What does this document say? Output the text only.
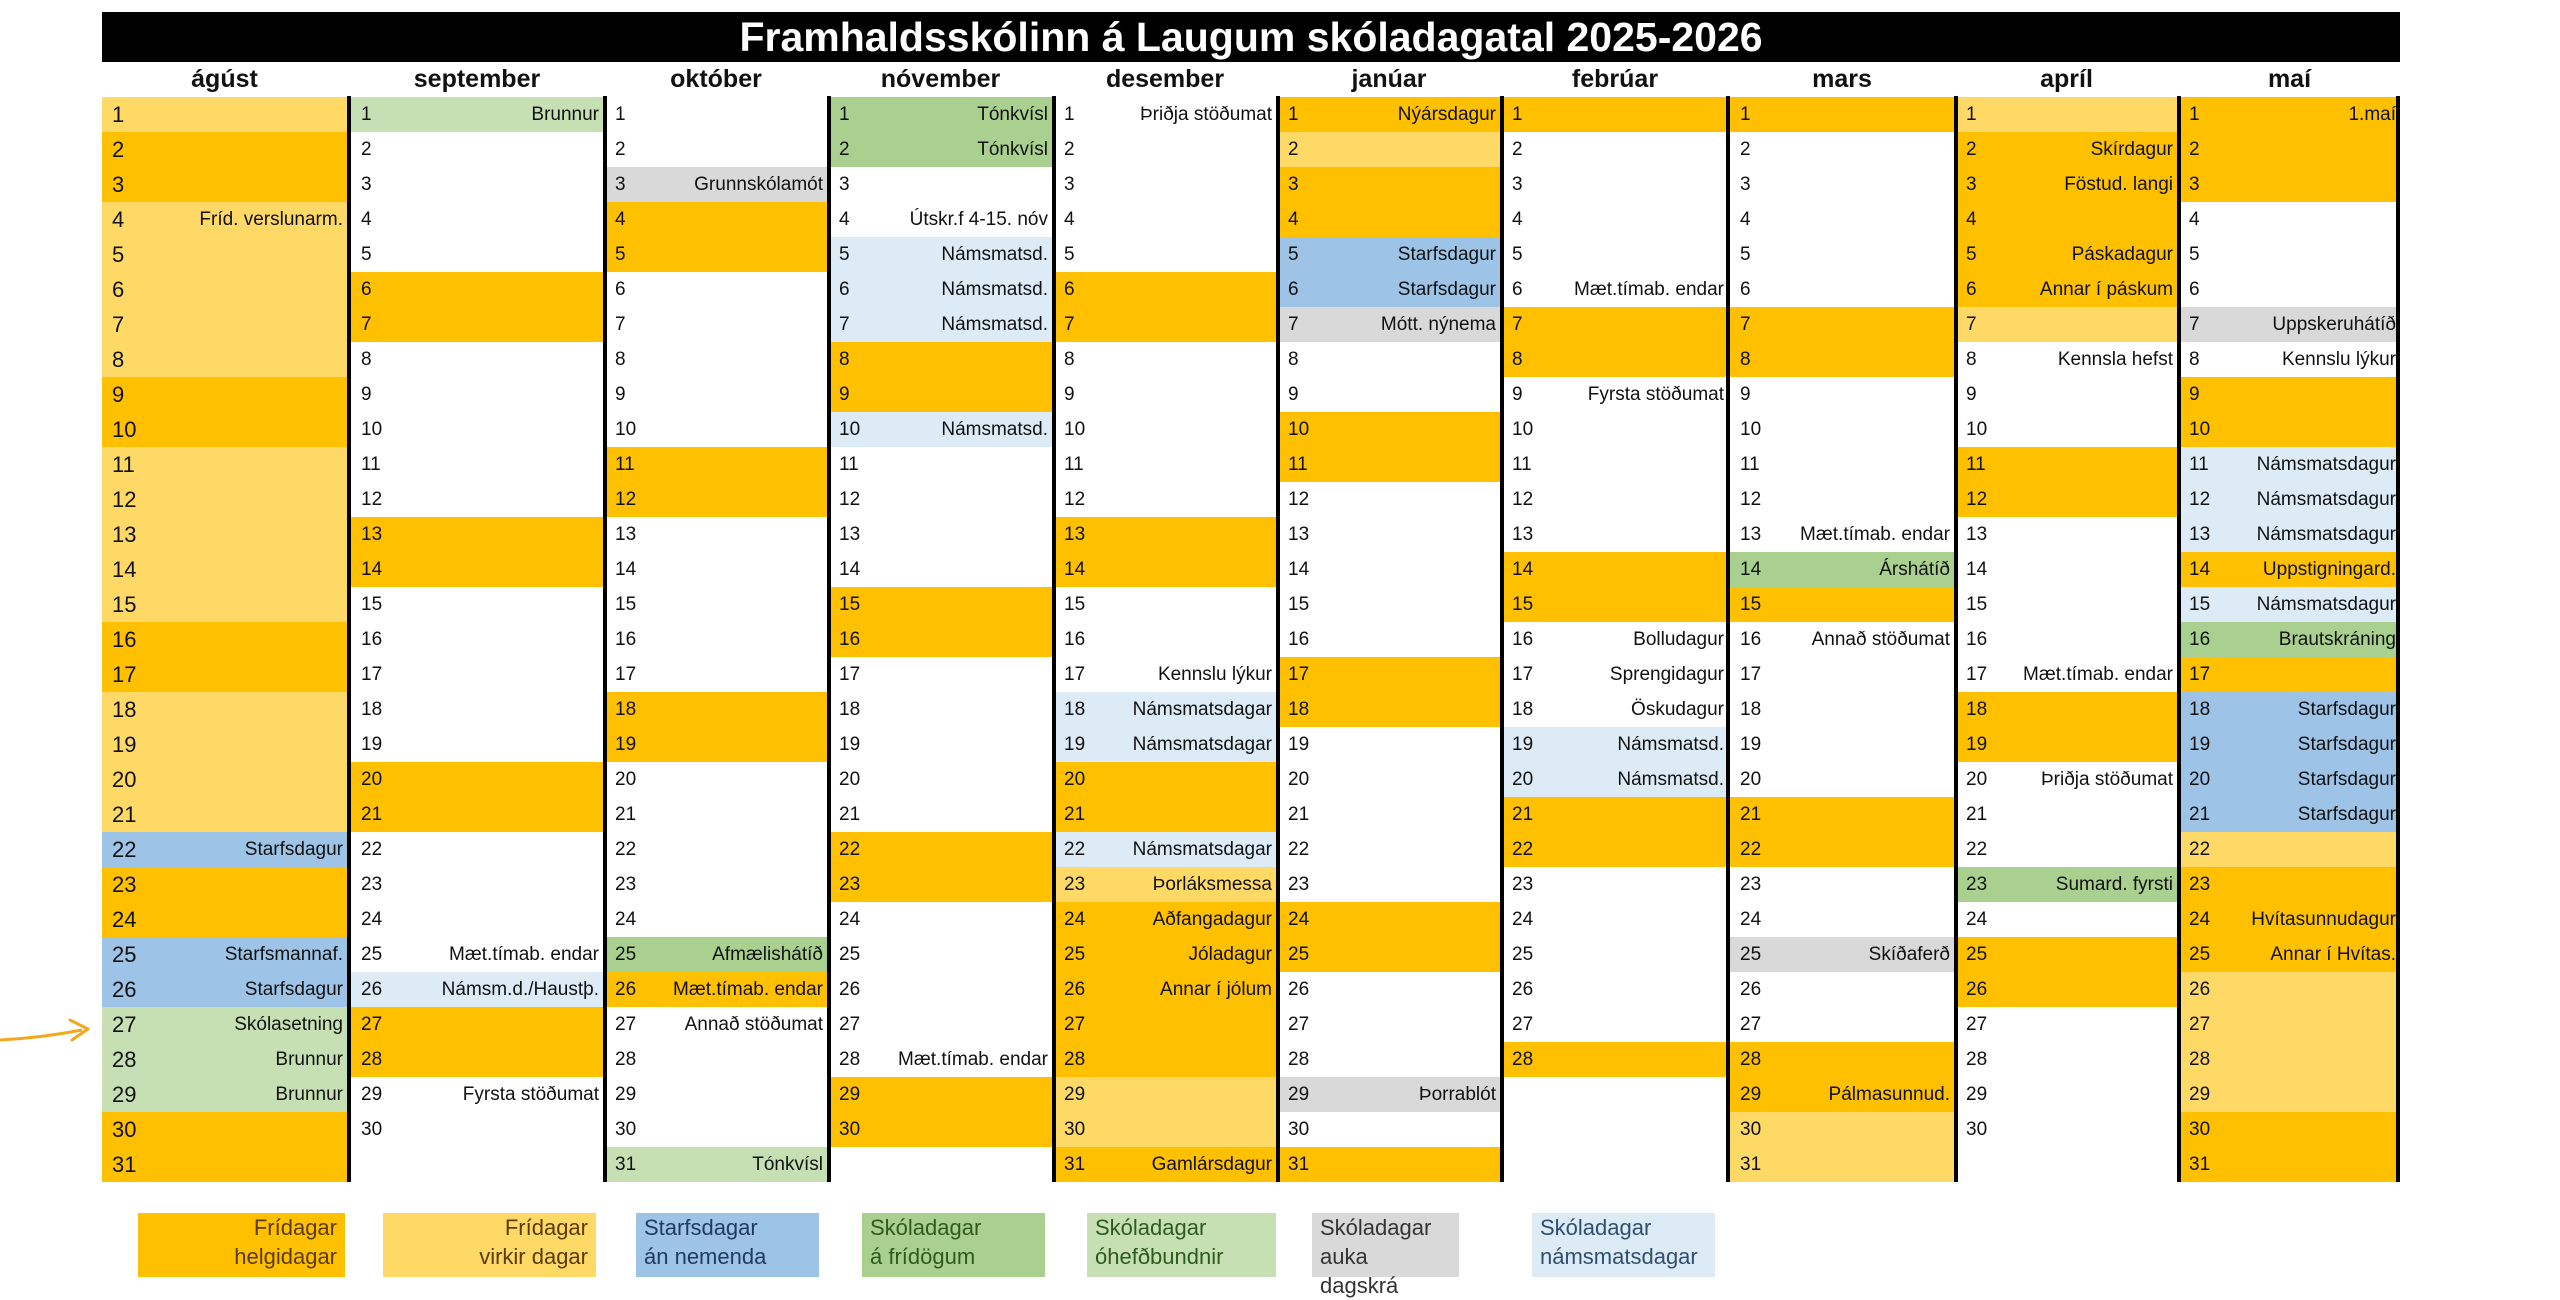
Framhaldsskólinn á Laugum skóladagatal 2025-2026
ágúst
1
2
3
4	Fríd. verslunarm.
5
6
7
8
9
10
11
12
13
14
15
16
17
18
19
20
21
22	Starfsdagur
23
24
25	Starfsmannaf.
26	Starfsdagur
27	Skólasetning
28	Brunnur
29	Brunnur
30
31
september
1	Brunnur
2
3
4
5
6
7
8
9
10
11
12
13
14
15
16
17
18
19
20
21
22
23
24
25	Mæt.tímab. endar
26	Námsm.d./Haustþ.
27
28
29	Fyrsta stöðumat
30
október
1
2
3	Grunnskólamót
4
5
6
7
8
9
10
11
12
13
14
15
16
17
18
19
20
21
22
23
24
25	Afmælishátíð
26 Mæt.tímab. endar
27	Annað stöðumat
28
29
30
31	Tónkvísl
nóvember
1	Tónkvísl
2	Tónkvísl
3
4	Útskr.f 4-15. nóv
5	Námsmatsd.
6	Námsmatsd.
7	Námsmatsd.
8
9
10	Námsmatsd.
11
12
13
14
15
16
17
18
19
20
21
22
23
24
25
26
27
28 Mæt.tímab. endar
29
30
desember
1	Þriðja stöðumat
2
3
4
5
6
7
8
9
10
11
12
13
14
15
16
17	Kennslu lýkur
18 Námsmatsdagar
19 Námsmatsdagar
20
21
22 Námsmatsdagar
23	Þorláksmessa
24	Aðfangadagur
25	Jóladagur
26	Annar í jólum
27
28
29
30
31	Gamlársdagur
janúar
1	Nýársdagur
2
3
4
5	Starfsdagur
6	Starfsdagur
7	Mótt. nýnema
8
9
10
11
12
13
14
15
16
17
18
19
20
21
22
23
24
25
26
27
28
29	Þorrablót
30
31
febrúar
1
2
3
4
5
6	Mæt.tímab. endar
7
8
9	Fyrsta stöðumat
10
11
12
13
14
15
16	Bolludagur
17	Sprengidagur
18	Öskudagur
19	Námsmatsd.
20	Námsmatsd.
21
22
23
24
25
26
27
28
mars
1
2
3
4
5
6
7
8
9
10
11
12
13 Mæt.tímab. endar
14	Árshátíð
15
16	Annað stöðumat
17
18
19
20
21
22
23
24
25	Skíðaferð
26
27
28
29	Pálmasunnud.
30
31
apríl
1
2	Skírdagur
3	Föstud. langi
4
5	Páskadagur
6	Annar í páskum
7
8	Kennsla hefst
9
10
11
12
13
14
15
16
17 Mæt.tímab. endar
18
19
20	Þriðja stöðumat
21
22
23	Sumard. fyrsti
24
25
26
27
28
29
30
maí
1	1.maí
2
3
4
5
6
7	Uppskeruhátíð
8	Kennslu lýkur
9
10
11	Námsmatsdagur
12 Námsmatsdagur
13 Námsmatsdagur
14	Uppstigningard.
15 Námsmatsdagur
16	Brautskráning
17
18	Starfsdagur
19	Starfsdagur
20	Starfsdagur
21	Starfsdagur
22
23
24 Hvítasunnudagur
25	Annar í Hvítas.
26
27
28
29
30
31
Frídagar
helgidagar
Frídagar
virkir dagar
Starfsdagar
án nemenda
Skóladagar
á frídögum
Skóladagar
óhefðbundnir
Skóladagar
auka dagskrá
Skóladagar
námsmatsdagar
